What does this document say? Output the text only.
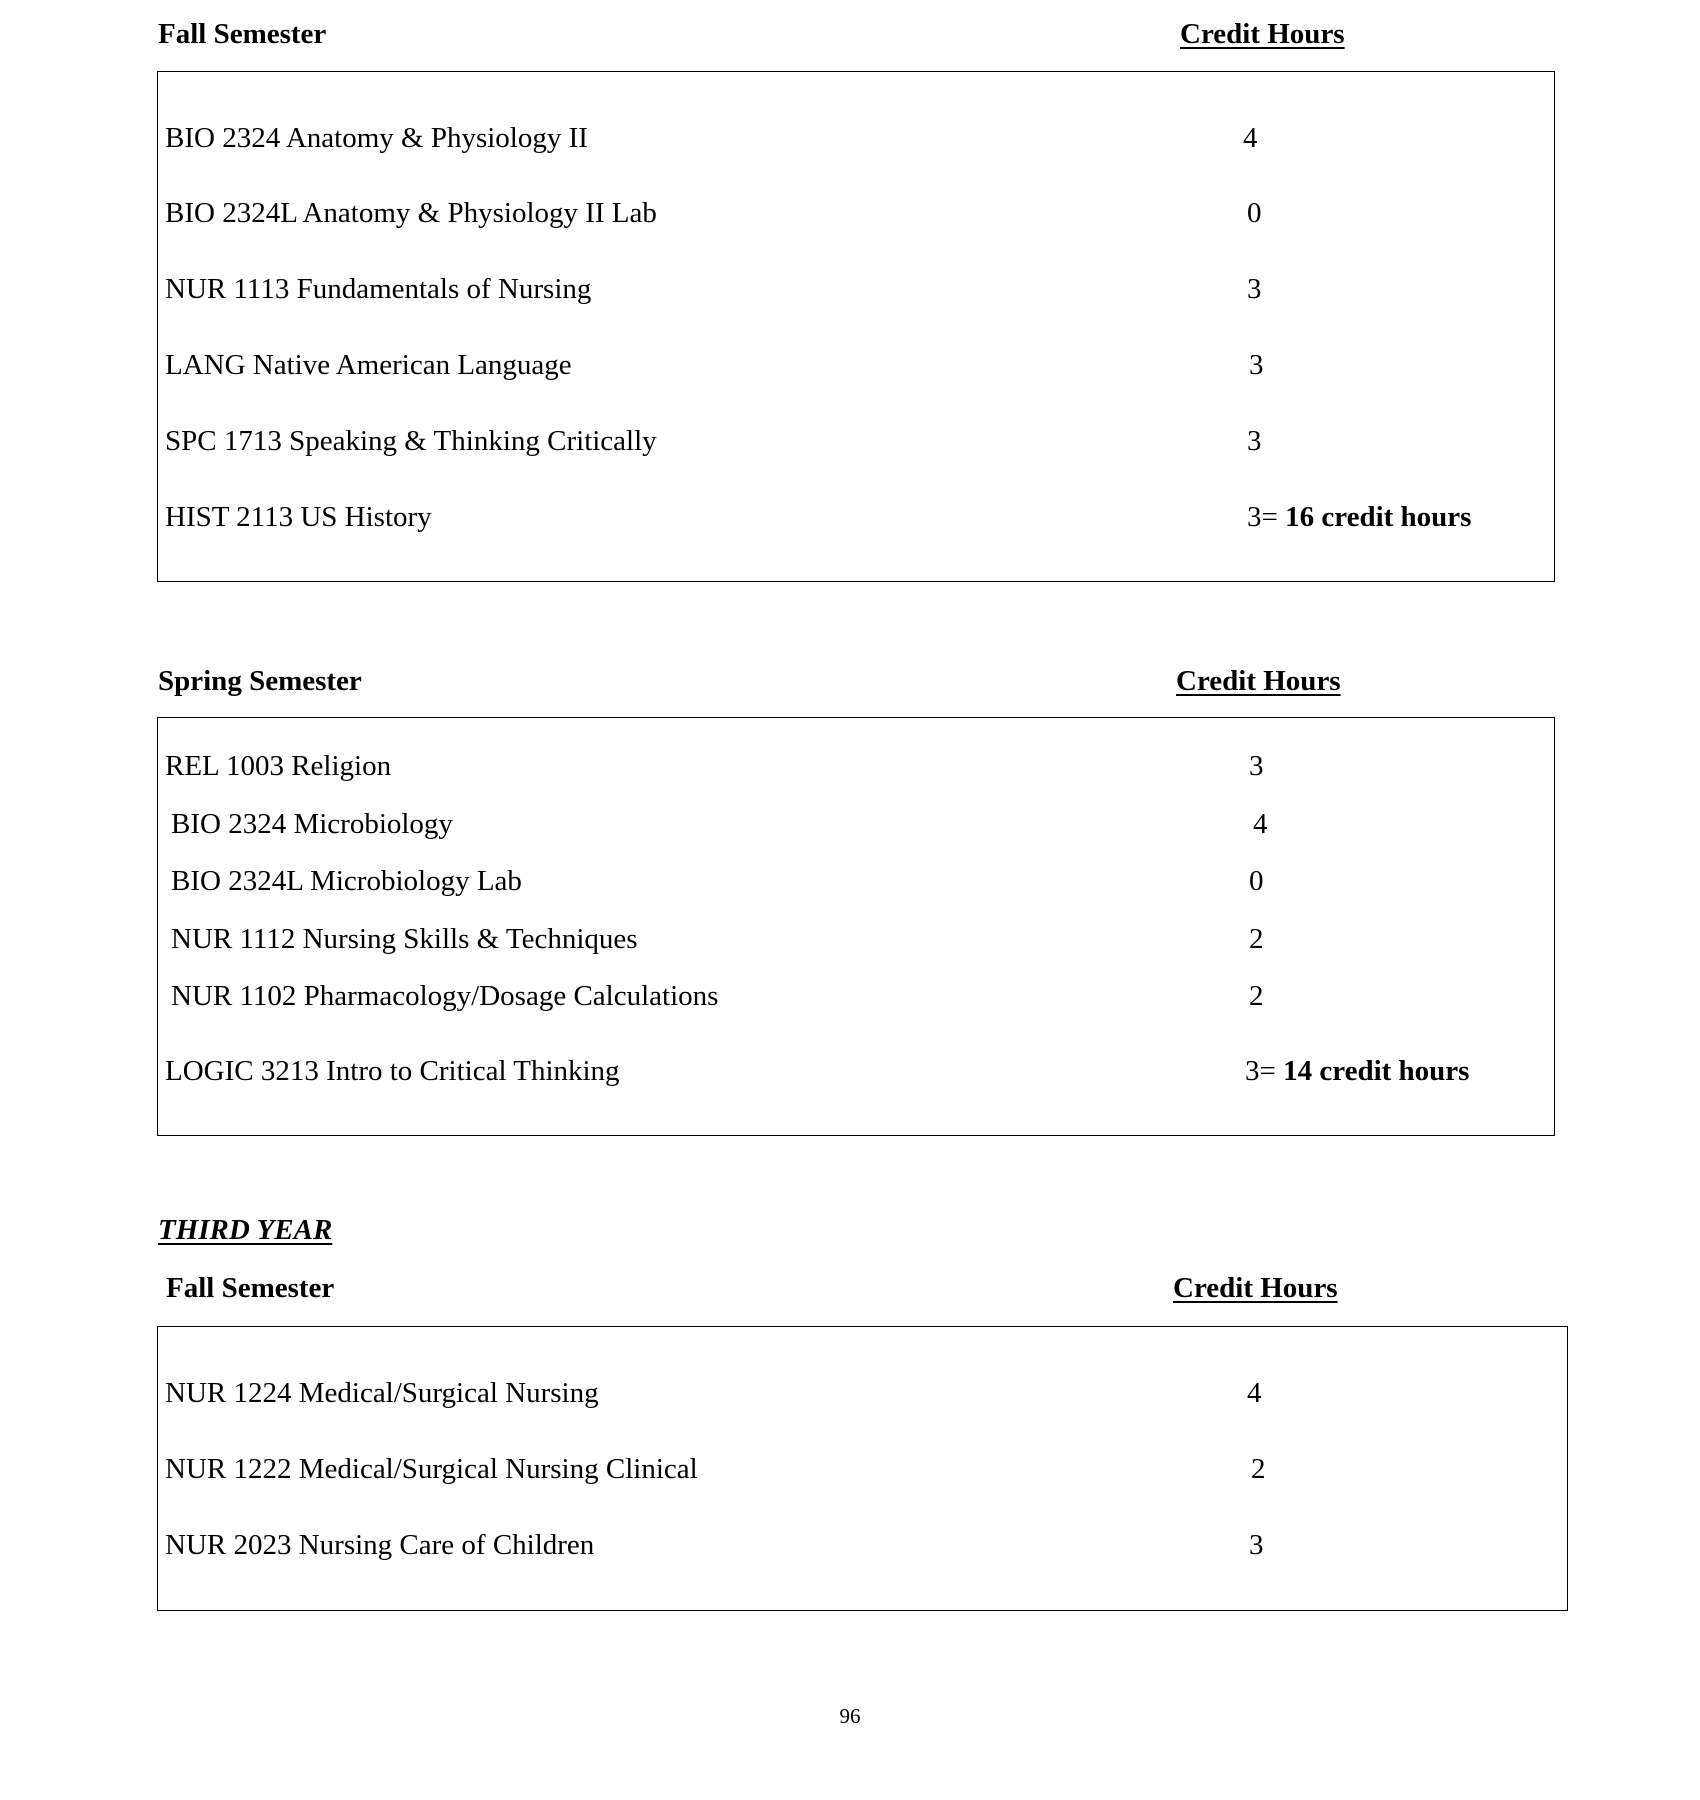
Fall Semester	Credit Hours
BIO 2324 Anatomy & Physiology II	4
BIO 2324L Anatomy & Physiology II Lab	0
NUR 1113 Fundamentals of Nursing	3
LANG Native American Language	3
SPC 1713 Speaking & Thinking Critically	3
HIST 2113 US History	3= 16 credit hours
Spring Semester	Credit Hours
REL 1003 Religion	3
BIO 2324 Microbiology	4
BIO 2324L Microbiology Lab	0
NUR 1112 Nursing Skills & Techniques	2
NUR 1102 Pharmacology/Dosage Calculations	2
LOGIC 3213 Intro to Critical Thinking	3= 14 credit hours
THIRD YEAR
Fall Semester	Credit Hours
NUR 1224 Medical/Surgical Nursing	4
NUR 1222 Medical/Surgical Nursing Clinical	2
NUR 2023 Nursing Care of Children	3
96
